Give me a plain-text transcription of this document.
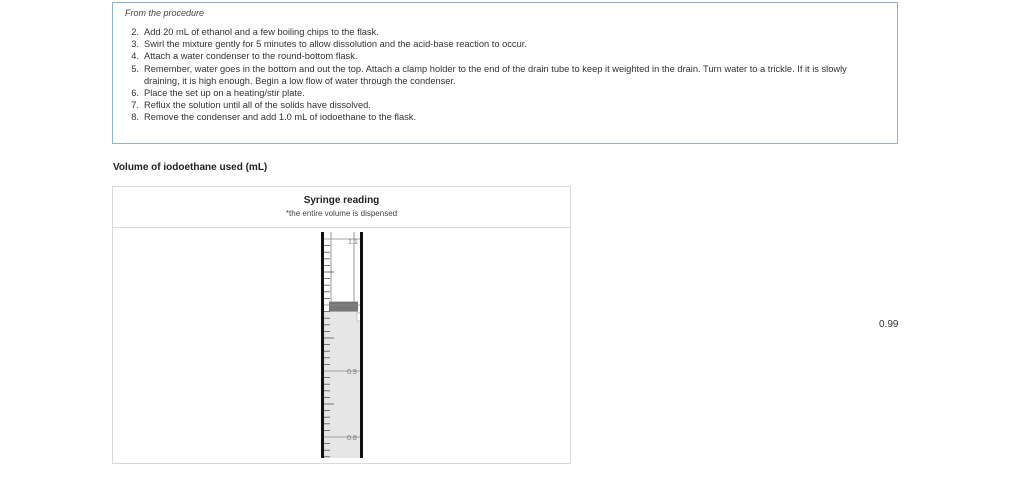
From the procedure
2. Add 20 mL of ethanol and a few boiling chips to the flask.
3. Swirl the mixture gently for 5 minutes to allow dissolution and the acid-base reaction to occur.
4. Attach a water condenser to the round-bottom flask.
5. Remember, water goes in the bottom and out the top. Attach a clamp holder to the end of the drain tube to keep it weighted in the drain. Turn water to a trickle. If it is slowly draining, it is high enough. Begin a low flow of water through the condenser.
6. Place the set up on a heating/stir plate.
7. Reflux the solution until all of the solids have dissolved.
8. Remove the condenser and add 1.0 mL of iodoethane to the flask.
Volume of iodoethane used (mL)
Syringe reading
*the entire volume is dispensed
1.1
1.0
0.9
0.8
0.99
